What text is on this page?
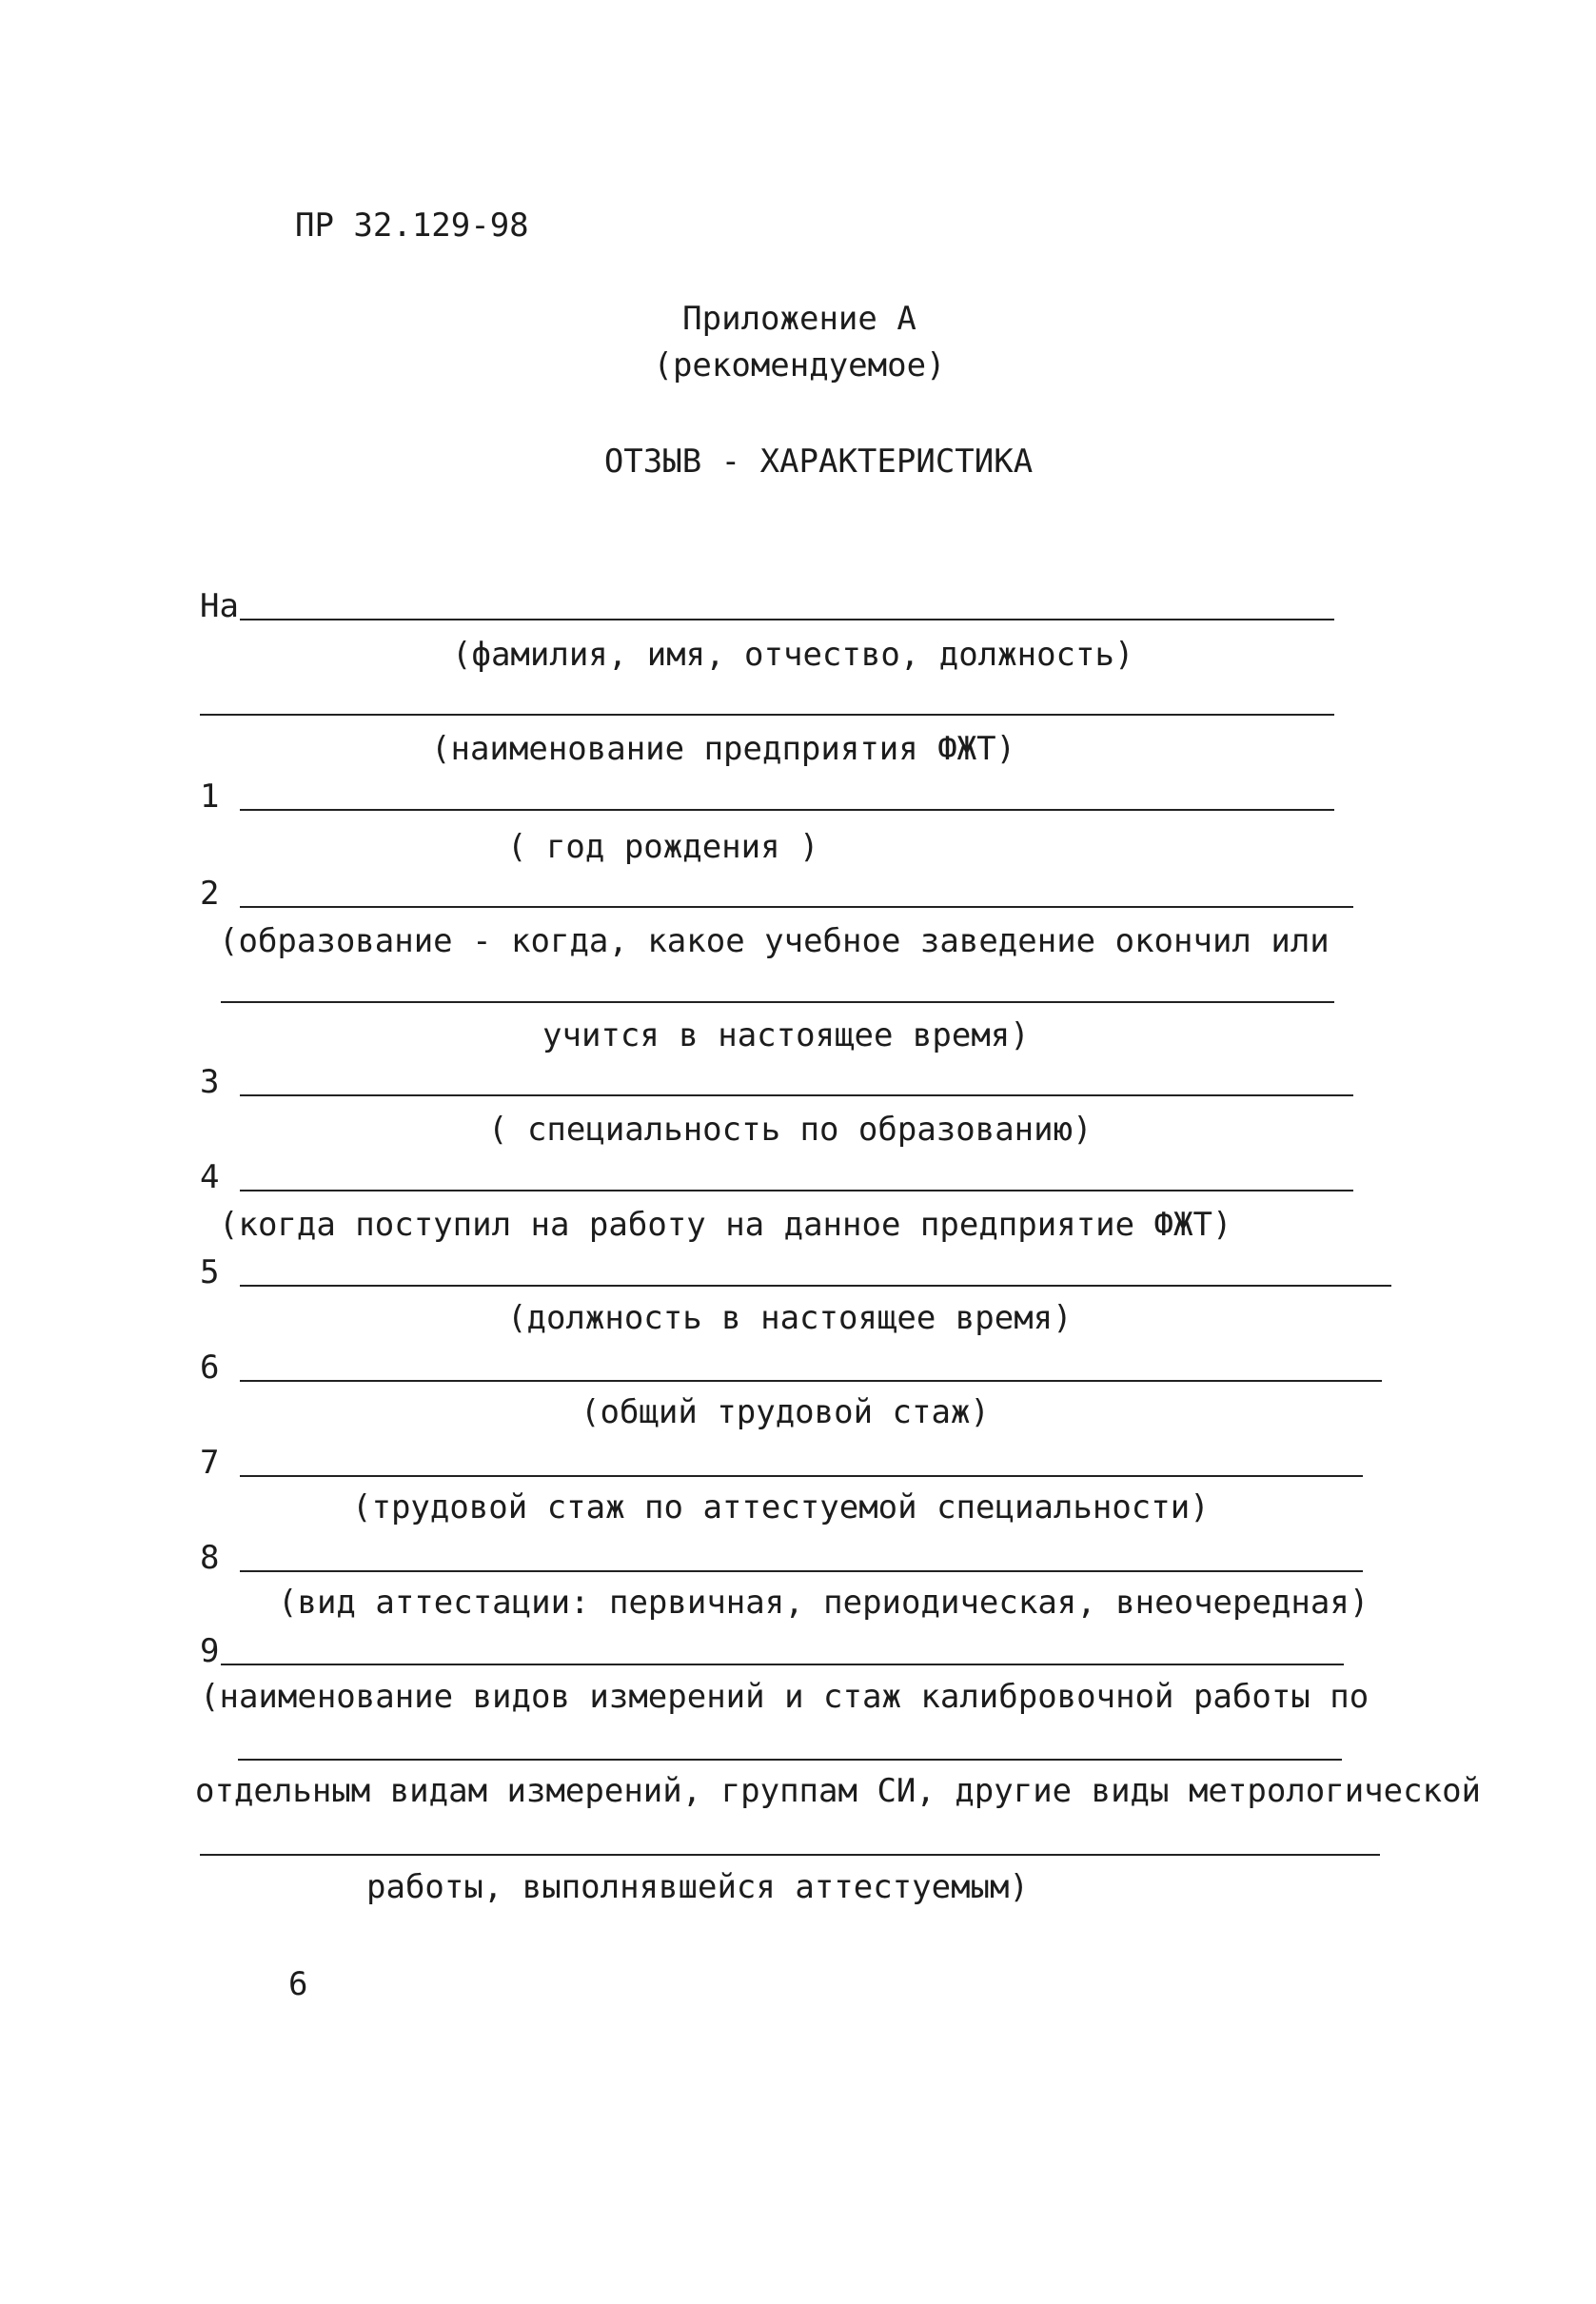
ПР 32.129-98
Приложение А
(рекомендуемое)
ОТЗЫВ - ХАРАКТЕРИСТИКА
На
(фамилия, имя, отчество, должность)
(наименование предприятия ФЖТ)
1
( год рождения )
2
(образование - когда, какое учебное заведение окончил или
учится в настоящее время)
3
( специальность по образованию)
4
(когда поступил на работу на данное предприятие ФЖТ)
5
(должность в настоящее время)
6
(общий трудовой стаж)
7
(трудовой стаж по аттестуемой специальности)
8
(вид аттестации: первичная, периодическая, внеочередная)
9
(наименование видов измерений и стаж калибровочной работы по
отдельным видам измерений, группам СИ, другие виды метрологической
работы, выполнявшейся аттестуемым)
6
